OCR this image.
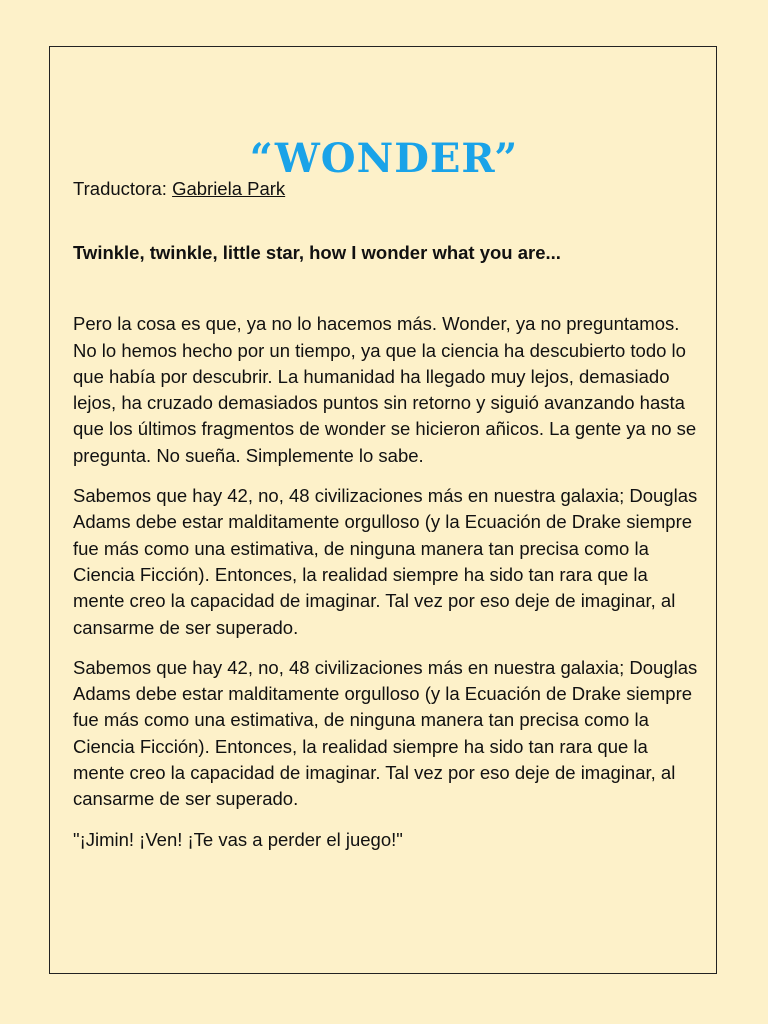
“WONDER”

Traductora: Gabriela Park

Twinkle, twinkle, little star, how I wonder what you are...

Pero la cosa es que, ya no lo hacemos más. Wonder, ya no preguntamos. No lo hemos hecho por un tiempo, ya que la ciencia ha descubierto todo lo que había por descubrir. La humanidad ha llegado muy lejos, demasiado lejos, ha cruzado demasiados puntos sin retorno y siguió avanzando hasta que los últimos fragmentos de wonder se hicieron añicos. La gente ya no se pregunta. No sueña. Simplemente lo sabe.

Sabemos que hay 42, no, 48 civilizaciones más en nuestra galaxia; Douglas Adams debe estar malditamente orgulloso (y la Ecuación de Drake siempre fue más como una estimativa, de ninguna manera tan precisa como la Ciencia Ficción). Entonces, la realidad siempre ha sido tan rara que la mente creo la capacidad de imaginar. Tal vez por eso deje de imaginar, al cansarme de ser superado.

Sabemos que hay 42, no, 48 civilizaciones más en nuestra galaxia; Douglas Adams debe estar malditamente orgulloso (y la Ecuación de Drake siempre fue más como una estimativa, de ninguna manera tan precisa como la Ciencia Ficción). Entonces, la realidad siempre ha sido tan rara que la mente creo la capacidad de imaginar. Tal vez por eso deje de imaginar, al cansarme de ser superado.

"¡Jimin! ¡Ven! ¡Te vas a perder el juego!"
